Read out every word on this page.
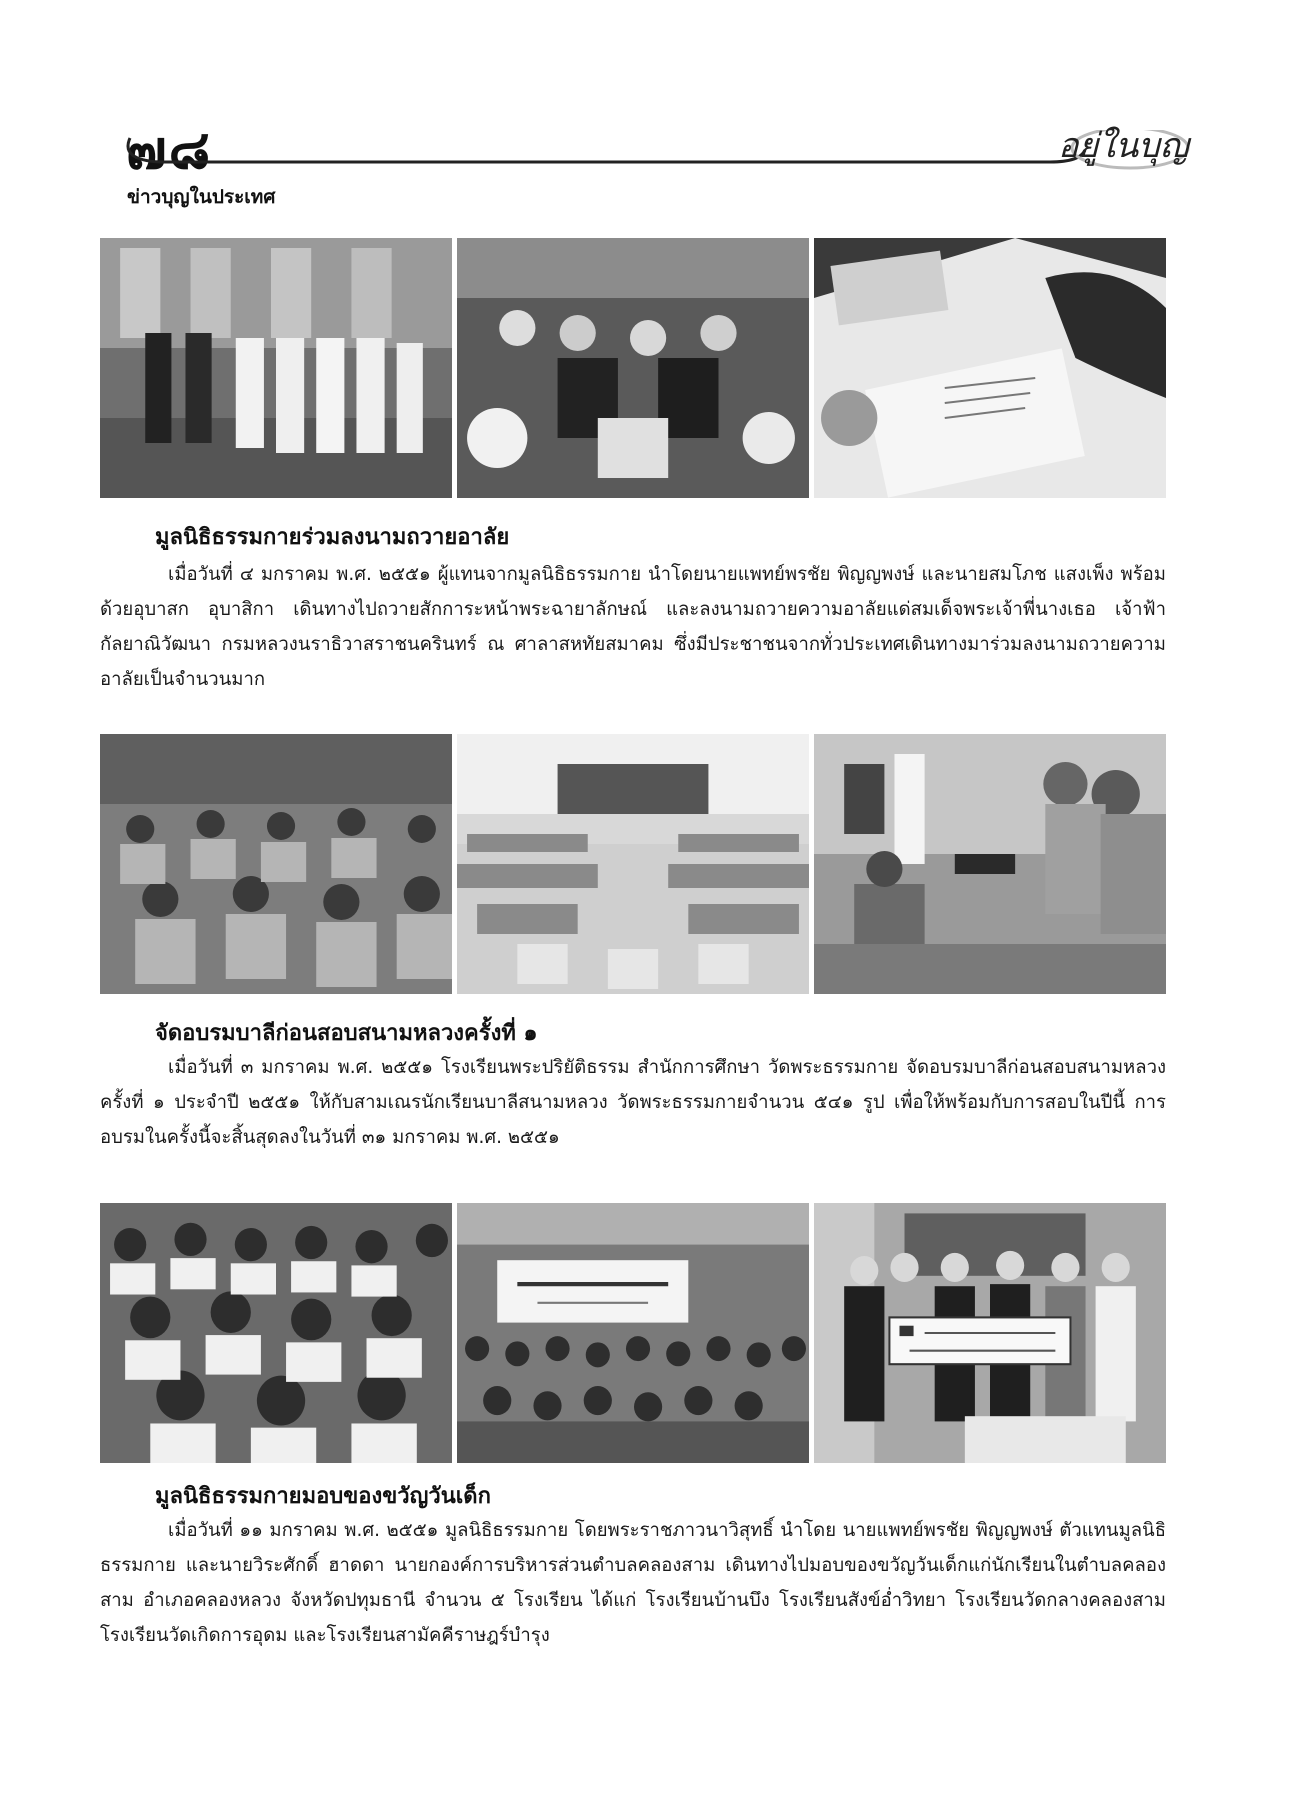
๗๘	อยู่ในบุญ
ข่าวบุญในประเทศ
มูลนิธิธรรมกายร่วมลงนามถวายอาลัย
เมื่อวันที่ ๔ มกราคม พ.ศ. ๒๕๕๑ ผู้แทนจากมูลนิธิธรรมกาย นำโดยนายแพทย์พรชัย พิญญพงษ์ และนายสมโภช แสงเพ็ง พร้อมด้วยอุบาสก อุบาสิกา เดินทางไปถวายสักการะหน้าพระฉายาลักษณ์ และลงนามถวายความอาลัยแด่สมเด็จพระเจ้าพี่นางเธอ เจ้าฟ้ากัลยาณิวัฒนา กรมหลวงนราธิวาสราชนครินทร์ ณ ศาลาสหทัยสมาคม ซึ่งมีประชาชนจากทั่วประเทศเดินทางมาร่วมลงนามถวายความอาลัยเป็นจำนวนมาก
จัดอบรมบาลีก่อนสอบสนามหลวงครั้งที่ ๑
เมื่อวันที่ ๓ มกราคม พ.ศ. ๒๕๕๑ โรงเรียนพระปริยัติธรรม สำนักการศึกษา วัดพระธรรมกาย จัดอบรมบาลีก่อนสอบสนามหลวง ครั้งที่ ๑ ประจำปี ๒๕๕๑ ให้กับสามเณรนักเรียนบาลีสนามหลวง วัดพระธรรมกายจำนวน ๕๔๑ รูป เพื่อให้พร้อมกับการสอบในปีนี้ การอบรมในครั้งนี้จะสิ้นสุดลงในวันที่ ๓๑ มกราคม พ.ศ. ๒๕๕๑
มูลนิธิธรรมกายมอบของขวัญวันเด็ก
เมื่อวันที่ ๑๑ มกราคม พ.ศ. ๒๕๕๑ มูลนิธิธรรมกาย โดยพระราชภาวนาวิสุทธิ์ นำโดย นายแพทย์พรชัย พิญญพงษ์ ตัวแทนมูลนิธิธรรมกาย และนายวิระศักดิ์ ฮาดดา นายกองค์การบริหารส่วนตำบลคลองสาม เดินทางไปมอบของขวัญวันเด็กแก่นักเรียนในตำบลคลองสาม อำเภอคลองหลวง จังหวัดปทุมธานี จำนวน ๕ โรงเรียน ได้แก่ โรงเรียนบ้านบึง โรงเรียนสังข์อ่ำวิทยา โรงเรียนวัดกลางคลองสาม โรงเรียนวัดเกิดการอุดม และโรงเรียนสามัคคีราษฎร์บำรุง
